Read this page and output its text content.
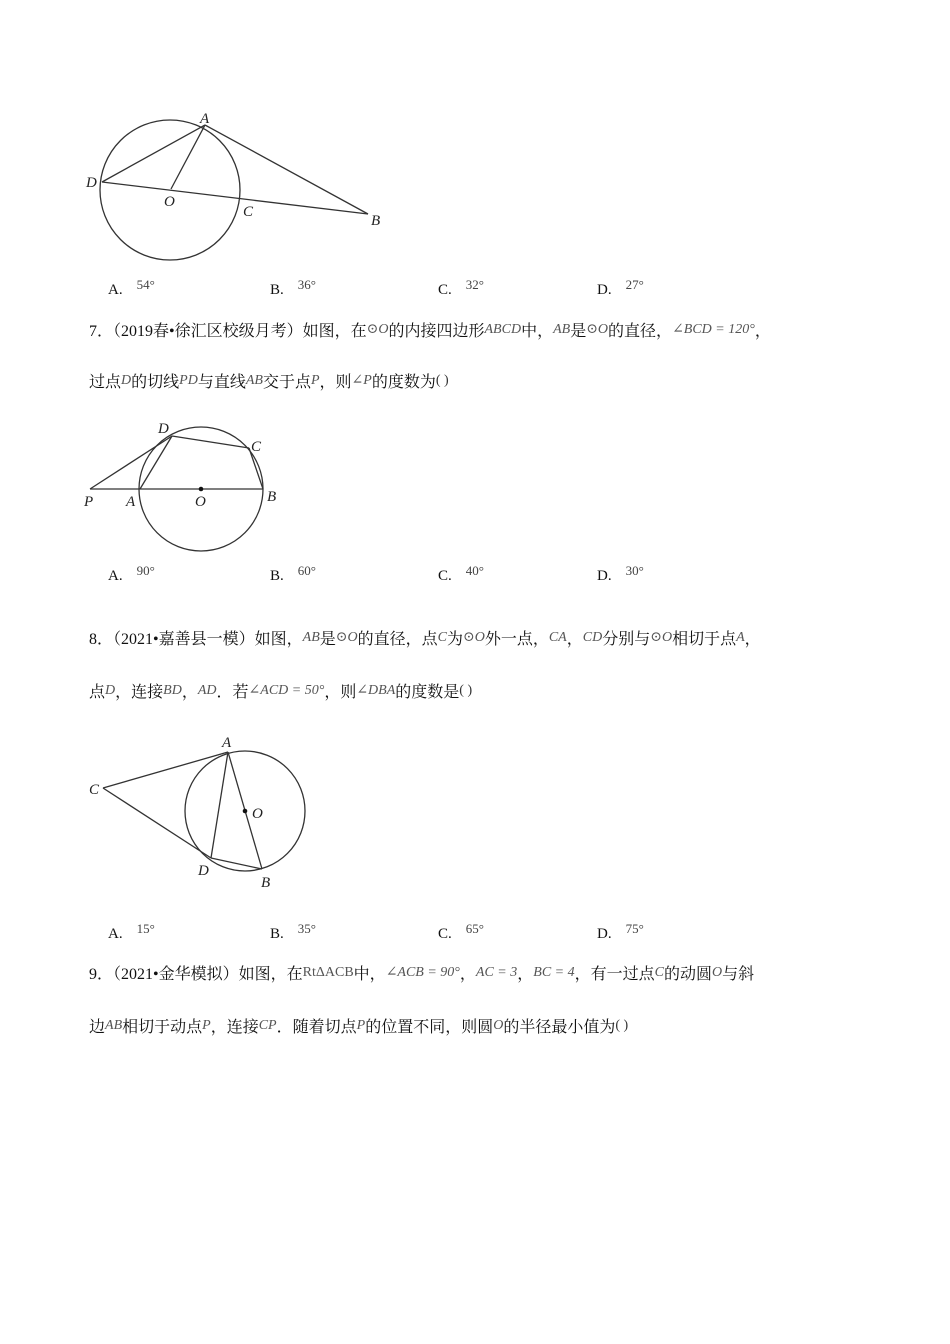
A
D
O
C
B
A. 54°	B. 36°	C. 32°	D. 27°
7．（2019春•徐汇区校级月考）如图，在⊙O的内接四边形ABCD中，AB是⊙O的直径，∠BCD = 120°，
过点D的切线PD与直线AB交于点P，则∠P的度数为( )
D
C
P A	O	B
A. 90°	B. 60°	C. 40°	D. 30°
8．（2021•嘉善县一模）如图，AB是⊙O的直径，点C为⊙O外一点，CA，CD分别与⊙O相切于点A，
点D，连接BD，AD．若∠ACD = 50°，则∠DBA的度数是( )
A
C
O
D
B
A. 15°	B. 35°	C. 65°	D. 75°
9．（2021•金华模拟）如图，在RtΔACB中，∠ACB = 90°，AC = 3，BC = 4，有一过点C的动圆O与斜
边AB相切于动点P，连接CP．随着切点P的位置不同，则圆O的半径最小值为( )
